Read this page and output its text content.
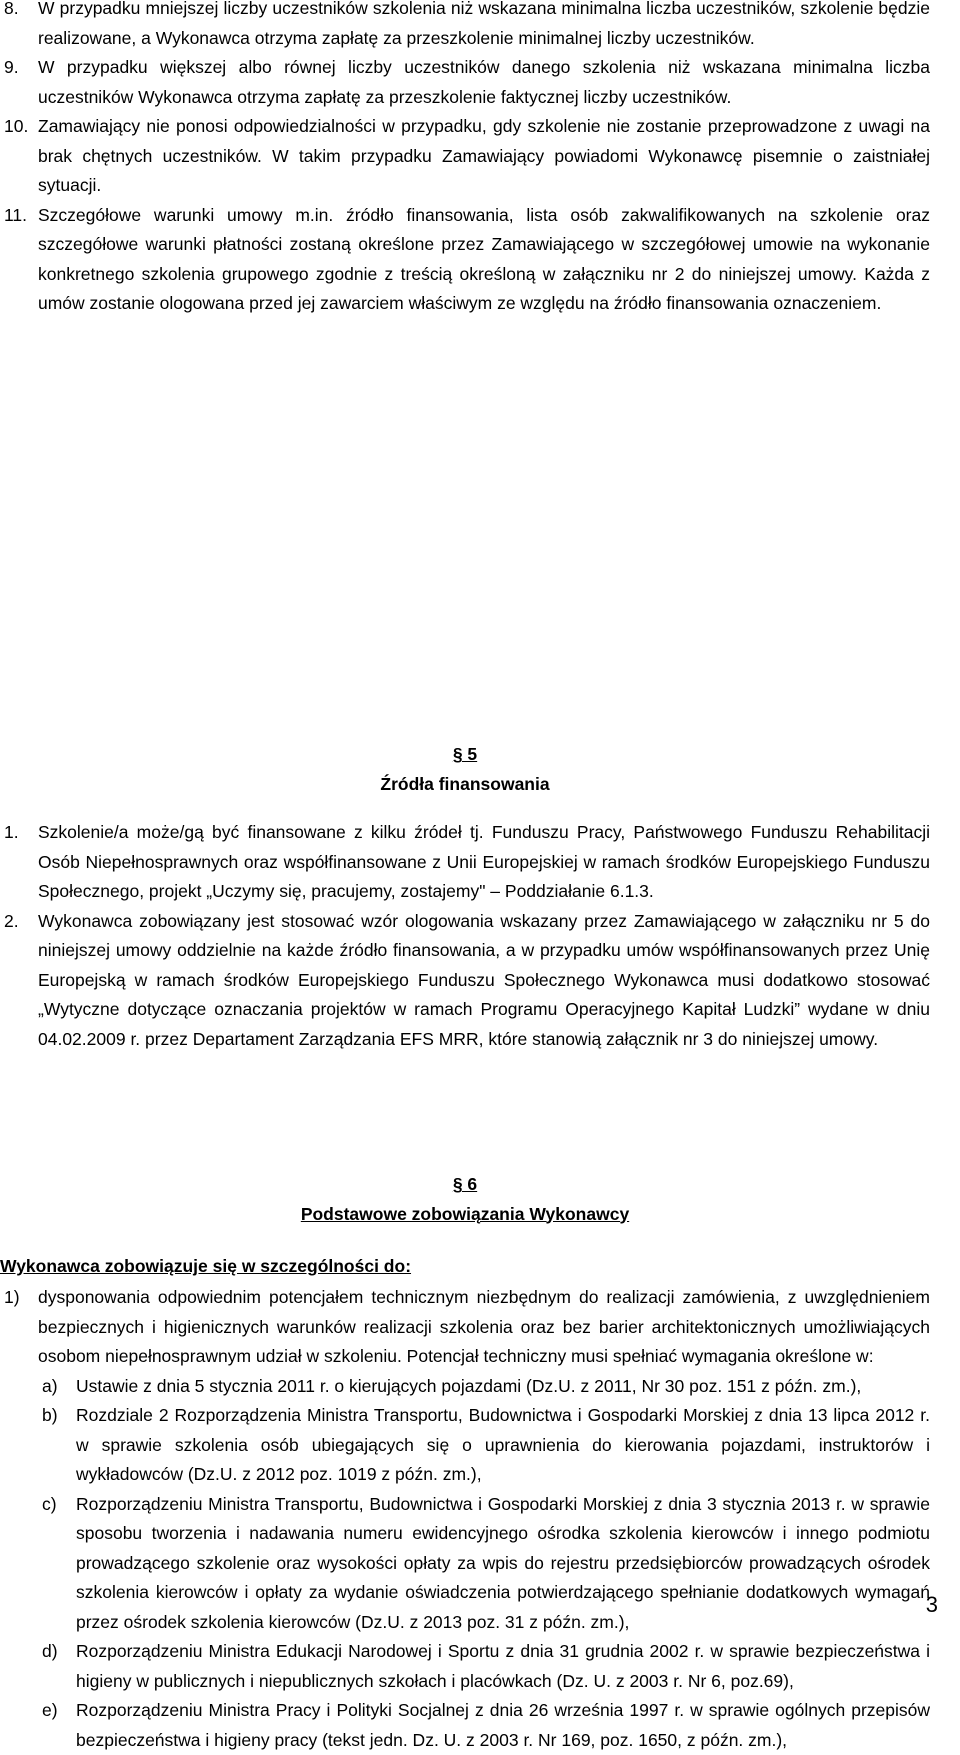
8. W przypadku mniejszej liczby uczestników szkolenia niż wskazana minimalna liczba uczestników, szkolenie będzie realizowane, a Wykonawca otrzyma zapłatę za przeszkolenie minimalnej liczby uczestników.

9. W przypadku większej albo równej liczby uczestników danego szkolenia niż wskazana minimalna liczba uczestników Wykonawca otrzyma zapłatę za przeszkolenie faktycznej liczby uczestników.

10. Zamawiający nie ponosi odpowiedzialności w przypadku, gdy szkolenie nie zostanie przeprowadzone z uwagi na brak chętnych uczestników. W takim przypadku Zamawiający powiadomi Wykonawcę pisemnie o zaistniałej sytuacji.

11. Szczegółowe warunki umowy m.in. źródło finansowania, lista osób zakwalifikowanych na szkolenie oraz szczegółowe warunki płatności zostaną określone przez Zamawiającego w szczegółowej umowie na wykonanie konkretnego szkolenia grupowego zgodnie z treścią określoną w załączniku nr 2 do niniejszej umowy. Każda z umów zostanie ologowana przed jej zawarciem właściwym ze względu na źródło finansowania oznaczeniem.

§ 5
Źródła finansowania

1. Szkolenie/a może/gą być finansowane z kilku źródeł tj. Funduszu Pracy, Państwowego Funduszu Rehabilitacji Osób Niepełnosprawnych oraz współfinansowane z Unii Europejskiej w ramach środków Europejskiego Funduszu Społecznego, projekt „Uczymy się, pracujemy, zostajemy" – Poddziałanie 6.1.3.

2. Wykonawca zobowiązany jest stosować wzór ologowania wskazany przez Zamawiającego w załączniku nr 5 do niniejszej umowy oddzielnie na każde źródło finansowania, a w przypadku umów współfinansowanych przez Unię Europejską w ramach środków Europejskiego Funduszu Społecznego Wykonawca musi dodatkowo stosować „Wytyczne dotyczące oznaczania projektów w ramach Programu Operacyjnego Kapitał Ludzki” wydane w dniu 04.02.2009 r. przez Departament Zarządzania EFS MRR, które stanowią załącznik nr 3 do niniejszej umowy.

§ 6
Podstawowe zobowiązania Wykonawcy

Wykonawca zobowiązuje się w szczególności do:

1) dysponowania odpowiednim potencjałem technicznym niezbędnym do realizacji zamówienia, z uwzględnieniem bezpiecznych i higienicznych warunków realizacji szkolenia oraz bez barier architektonicznych umożliwiających osobom niepełnosprawnym udział w szkoleniu. Potencjał techniczny musi spełniać wymagania określone w:

a) Ustawie z dnia 5 stycznia 2011 r. o kierujących pojazdami (Dz.U. z 2011, Nr 30 poz. 151 z późn. zm.),

b) Rozdziale 2 Rozporządzenia Ministra Transportu, Budownictwa i Gospodarki Morskiej z dnia 13 lipca 2012 r. w sprawie szkolenia osób ubiegających się o uprawnienia do kierowania pojazdami, instruktorów i wykładowców (Dz.U. z 2012 poz. 1019 z późn. zm.),

c) Rozporządzeniu Ministra Transportu, Budownictwa i Gospodarki Morskiej z dnia 3 stycznia 2013 r. w sprawie sposobu tworzenia i nadawania numeru ewidencyjnego ośrodka szkolenia kierowców i innego podmiotu prowadzącego szkolenie oraz wysokości opłaty za wpis do rejestru przedsiębiorców prowadzących ośrodek szkolenia kierowców i opłaty za wydanie oświadczenia potwierdzającego spełnianie dodatkowych wymagań przez ośrodek szkolenia kierowców (Dz.U. z 2013 poz. 31 z późn. zm.),

d) Rozporządzeniu Ministra Edukacji Narodowej i Sportu z dnia 31 grudnia 2002 r. w sprawie bezpieczeństwa i higieny w publicznych i niepublicznych szkołach i placówkach (Dz. U. z 2003 r. Nr 6, poz.69),

e) Rozporządzeniu Ministra Pracy i Polityki Socjalnej z dnia 26 września 1997 r. w sprawie ogólnych przepisów bezpieczeństwa i higieny pracy (tekst jedn. Dz. U. z 2003 r. Nr 169, poz. 1650, z późn. zm.),

3
